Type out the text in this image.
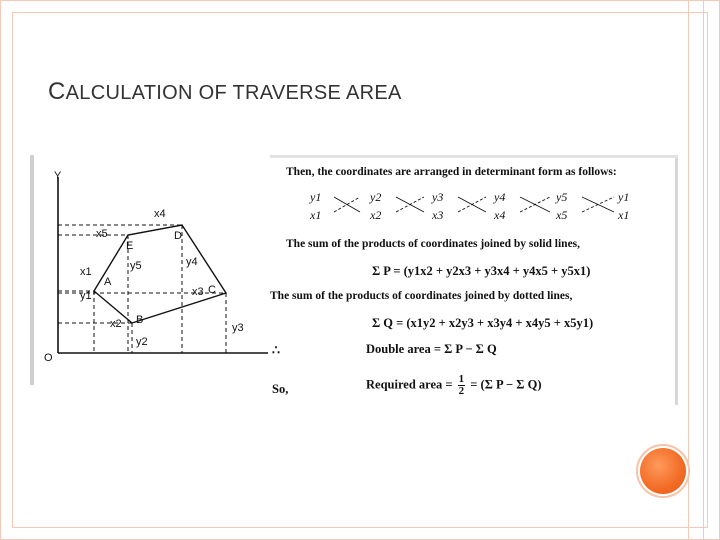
CALCULATION OF TRAVERSE AREA
Y
O
x4
x5
x1
x2
x3
y1
y2
y3
y4
y5
A
B
C
D
E
Then, the coordinates are arranged in determinant form as follows:
y1	y2	y3	y4	y5	y1
x1	x2	x3	x4	x5	x1
The sum of the products of coordinates joined by solid lines,
Σ P = (y1x2 + y2x3 + y3x4 + y4x5 + y5x1)
The sum of the products of coordinates joined by dotted lines,
Σ Q = (x1y2 + x2y3 + x3y4 + x4y5 + x5y1)
∴	Double area = Σ P − Σ Q
So,	Required area = $\frac{1}{2} = (\Sigma$ P − Σ Q)
